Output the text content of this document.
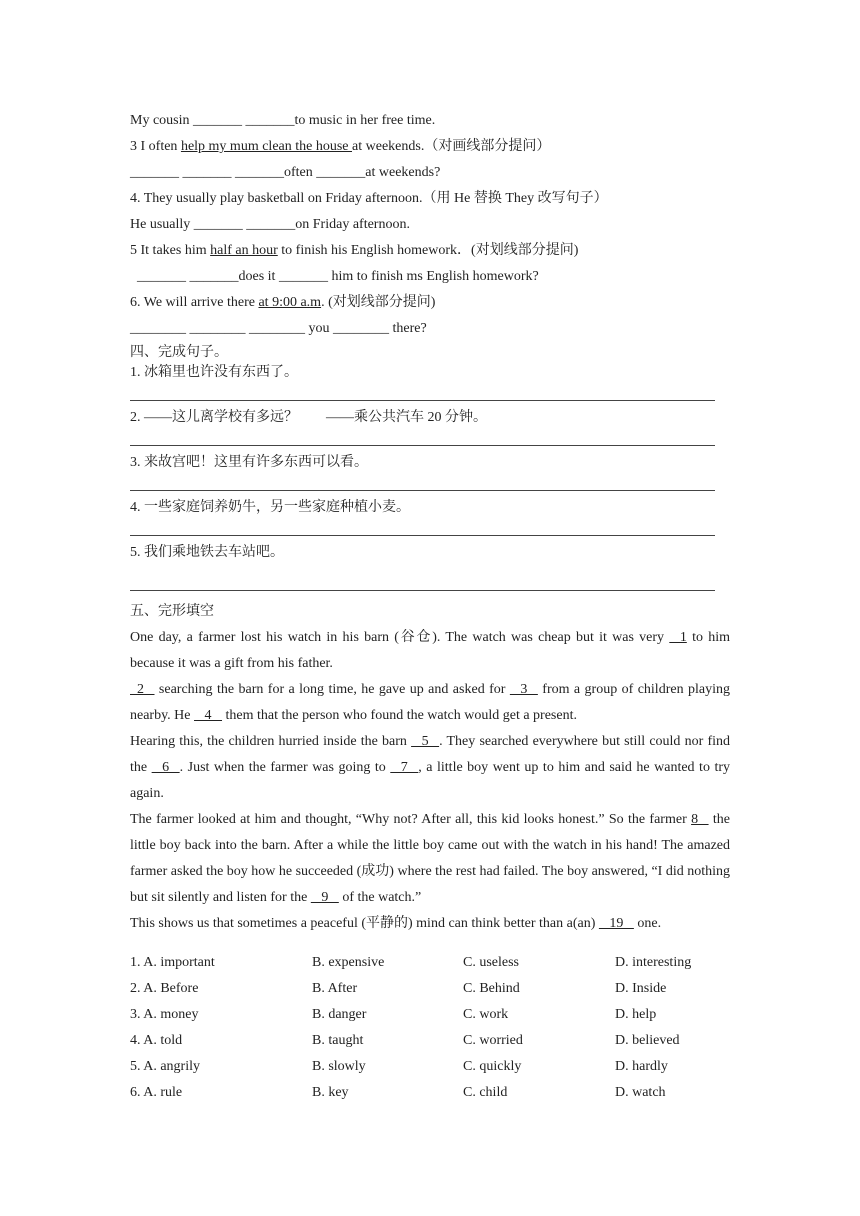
My cousin _______ _______to music in her free time.
3 I often help my mum clean the house at weekends.（对画线部分提问）
_______ _______ _______often _______at weekends?
4. They usually play basketball on Friday afternoon.（用 He 替换 They 改写句子）
He usually _______ _______on Friday afternoon.
5 It takes him half an hour to finish his English homework．(对划线部分提问)
_______ _______does it _______ him to finish ms English homework?
6. We will arrive there at 9:00 a.m. (对划线部分提问)
________ ________ ________ you ________ there?
四、完成句子。
1. 冰箱里也许没有东西了。
2. ——这儿离学校有多远？        ——乘公共汽车 20 分钟。
3. 来故宫吧！这里有许多东西可以看。
4. 一些家庭饲养奶牛，另一些家庭种植小麦。
5. 我们乘地铁去车站吧。
五、完形填空
One day, a farmer lost his watch in his barn (谷仓). The watch was cheap but it was very    1 to him because it was a gift from his father.
2    searching the barn for a long time, he gave up and asked for    3    from a group of children playing nearby. He    4    them that the person who found the watch would get a present.
Hearing this, the children hurried inside the barn    5   . They searched everywhere but still could nor find the    6   . Just when the farmer was going to    7   , a little boy went up to him and said he wanted to try again.
The farmer looked at him and thought, “Why not? After all, this kid looks honest.” So the farmer 8    the little boy back into the barn. After a while the little boy came out with the watch in his hand! The amazed farmer asked the boy how he succeeded (成功) where the rest had failed. The boy answered, “I did nothing but sit silently and listen for the    9    of the watch.”
This shows us that sometimes a peaceful (平静的) mind can think better than a(an)    19    one.
1. A. important	B. expensive	C. useless	D. interesting
2. A. Before	B. After	C. Behind	D. Inside
3. A. money	B. danger	C. work	D. help
4. A. told	B. taught	C. worried	D. believed
5. A. angrily	B. slowly	C. quickly	D. hardly
6. A. rule	B. key	C. child	D. watch
